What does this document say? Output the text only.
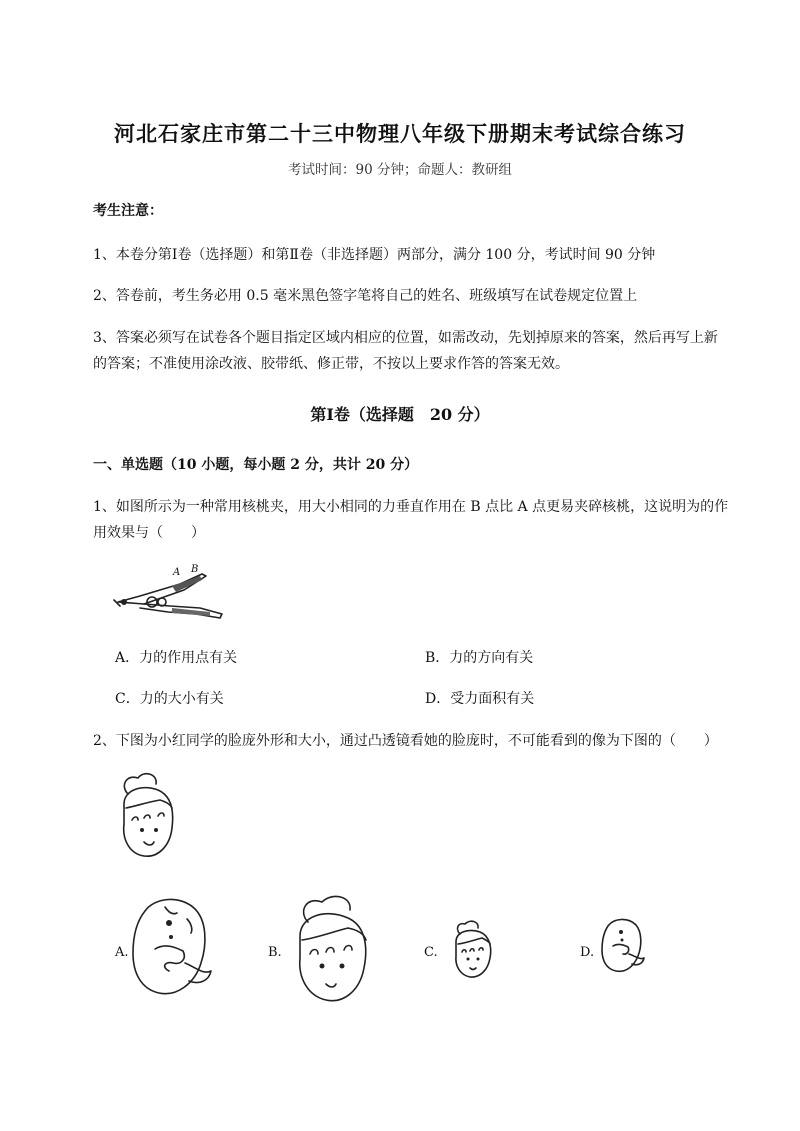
河北石家庄市第二十三中物理八年级下册期末考试综合练习
考试时间：90 分钟；命题人：教研组
考生注意：
1、本卷分第Ⅰ卷（选择题）和第Ⅱ卷（非选择题）两部分，满分 100 分，考试时间 90 分钟
2、答卷前，考生务必用 0.5 毫米黑色签字笔将自己的姓名、班级填写在试卷规定位置上
3、答案必须写在试卷各个题目指定区域内相应的位置，如需改动，先划掉原来的答案，然后再写上新
的答案；不准使用涂改液、胶带纸、修正带，不按以上要求作答的答案无效。
第Ⅰ卷（选择题　20 分）
一、单选题（10 小题，每小题 2 分，共计 20 分）
1、如图所示为一种常用核桃夹，用大小相同的力垂直作用在 B 点比 A 点更易夹碎核桃，这说明为的作
用效果与（　　）
A B
A．力的作用点有关	B．力的方向有关
C．力的大小有关	D．受力面积有关
2、下图为小红同学的脸庞外形和大小，通过凸透镜看她的脸庞时，不可能看到的像为下图的（　　）
A.	B.	C.	D.
